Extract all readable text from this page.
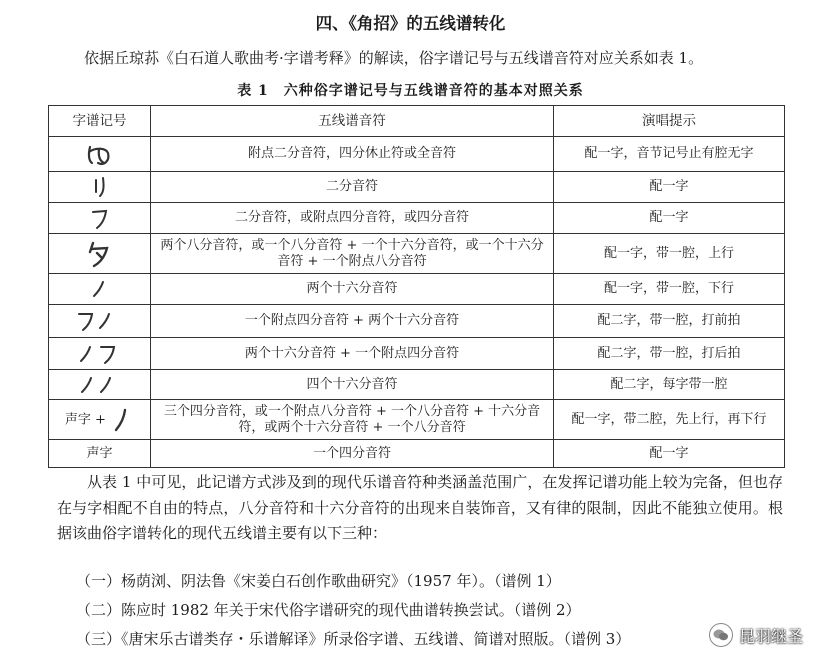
四、《角招》的五线谱转化
依据丘琼荪《白石道人歌曲考·字谱考释》的解读，俗字谱记号与五线谱音符对应关系如表 1。
表 1　六种俗字谱记号与五线谱音符的基本对照关系
字谱记号	五线谱音符	演唱提示

	附点二分音符，四分休止符或全音符	配一字，音节记号止有腔无字

	二分音符	配一字

	二分音符，或附点四分音符，或四分音符	配一字

	两个八分音符，或一个八分音符 + 一个十六分音符，或一个十六分音符 + 一个附点八分音符	配一字，带一腔，上行

	两个十六分音符	配一字，带一腔，下行

	一个附点四分音符 + 两个十六分音符	配二字，带一腔，打前拍

	两个十六分音符 + 一个附点四分音符	配二字，带一腔，打后拍

	四个十六分音符	配二字，每字带一腔
声字 +	三个四分音符，或一个附点八分音符 + 一个八分音符 + 十六分音符，或两个十六分音符 + 一个八分音符	配一字，带二腔，先上行，再下行
声字	一个四分音符	配一字

从表 1 中可见，此记谱方式涉及到的现代乐谱音符种类涵盖范围广，在发挥记谱功能上较为完备，但也存在与字相配不自由的特点，八分音符和十六分音符的出现来自装饰音，又有律的限制，因此不能独立使用。根据该曲俗字谱转化的现代五线谱主要有以下三种：

（一）杨荫浏、阴法鲁《宋姜白石创作歌曲研究》（1957 年）。（谱例 1）
（二）陈应时 1982 年关于宋代俗字谱研究的现代曲谱转换尝试。（谱例 2）
（三）《唐宋乐古谱类存・乐谱解译》所录俗字谱、五线谱、简谱对照版。（谱例 3）	昆羽继圣
